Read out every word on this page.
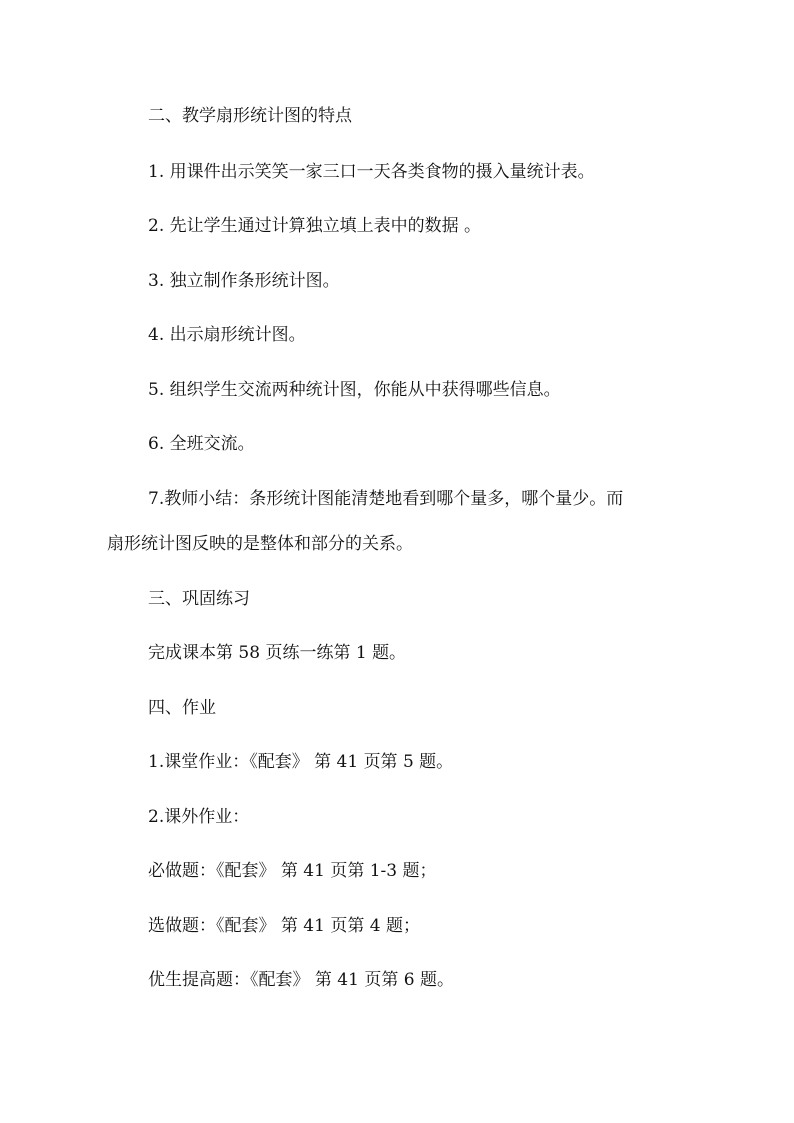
二、教学扇形统计图的特点
1. 用课件出示笑笑一家三口一天各类食物的摄入量统计表。
2. 先让学生通过计算独立填上表中的数据 。
3. 独立制作条形统计图。
4. 出示扇形统计图。
5. 组织学生交流两种统计图，你能从中获得哪些信息。
6. 全班交流。
7.教师小结：条形统计图能清楚地看到哪个量多，哪个量少。而
扇形统计图反映的是整体和部分的关系。
三、巩固练习
完成课本第 58 页练一练第 1 题。
四、作业
1.课堂作业：《配套》 第 41 页第 5 题。
2.课外作业：
必做题：《配套》 第 41 页第 1-3 题；
选做题：《配套》 第 41 页第 4 题；
优生提高题：《配套》 第 41 页第 6 题。
